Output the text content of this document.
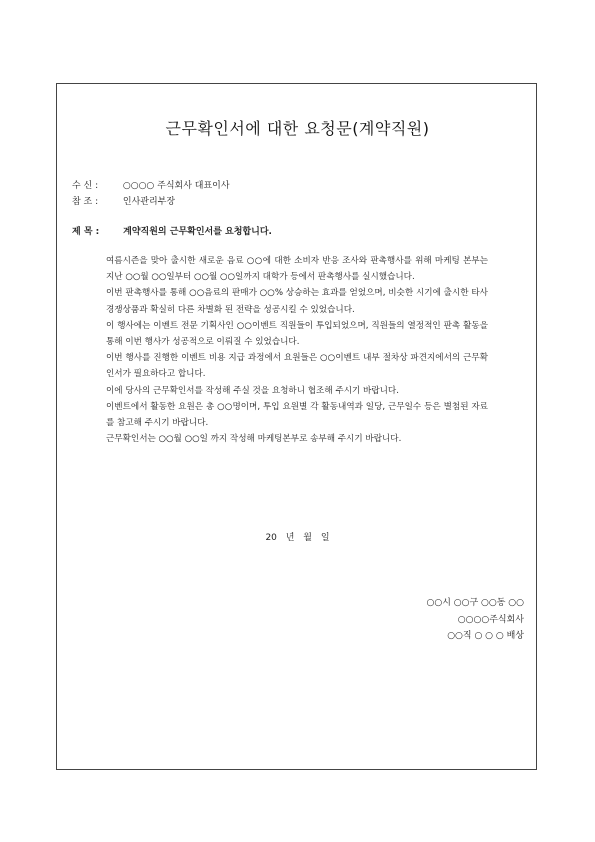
근무확인서에 대한 요청문(계약직원)
수 신 :	○○○○ 주식회사 대표이사
참 조 :	인사관리부장
제 목 :	계약직원의 근무확인서를 요청합니다.

여름시즌을 맞아 출시한 새로운 음료 ○○에 대한 소비자 반응 조사와 판촉행사를 위해 마케팅 본부는 지난 ○○월 ○○일부터 ○○월 ○○일까지 대학가 등에서 판촉행사를 실시했습니다.

이번 판촉행사를 통해 ○○음료의 판매가 ○○% 상승하는 효과를 얻었으며, 비슷한 시기에 출시한 타사 경쟁상품과 확실히 다른 차별화 된 전략을 성공시킬 수 있었습니다.

이 행사에는 이벤트 전문 기획사인 ○○이벤트 직원들이 투입되었으며, 직원들의 열정적인 판촉 활동을 통해 이번 행사가 성공적으로 이뤄질 수 있었습니다.

이번 행사를 진행한 이벤트 비용 지급 과정에서 요원들은 ○○이벤트 내부 절차상 파견지에서의 근무확인서가 필요하다고 합니다.

이에 당사의 근무확인서를 작성해 주실 것을 요청하니 협조해 주시기 바랍니다.

이벤트에서 활동한 요원은 총 ○○명이며, 투입 요원별 각 활동내역과 일당, 근무일수 등은 별첨된 자료를 참고해 주시기 바랍니다.

근무확인서는 ○○월 ○○일 까지 작성해 마케팅본부로 송부해 주시기 바랍니다.

20 년 월 일
○○시 ○○구 ○○동 ○○
○○○○주식회사
○○직 ○ ○ ○ 배상
